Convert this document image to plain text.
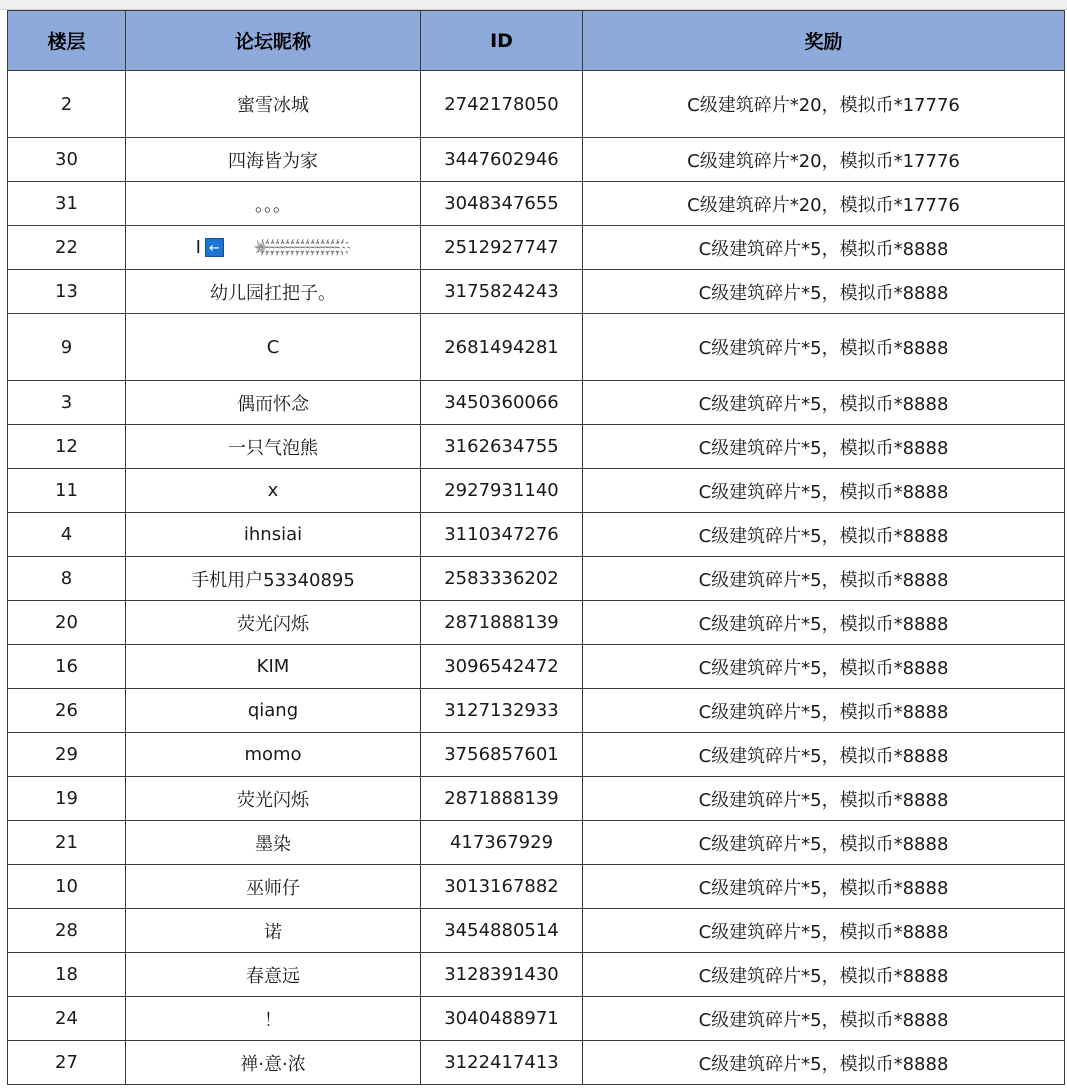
楼层	论坛昵称	ID	奖励
2	蜜雪冰城	2742178050	C级建筑碎片*20，模拟币*17776
30	四海皆为家	3447602946	C级建筑碎片*20，模拟币*17776
31	。。。	3048347655	C级建筑碎片*20，模拟币*17776
22	I ← ❁҉҉҉҉҉҉҉҉҉҉҉҉҉҉҉҉҉	2512927747	C级建筑碎片*5，模拟币*8888
13	幼儿园扛把子。	3175824243	C级建筑碎片*5，模拟币*8888
9	C	2681494281	C级建筑碎片*5，模拟币*8888
3	偶而怀念	3450360066	C级建筑碎片*5，模拟币*8888
12	一只气泡熊	3162634755	C级建筑碎片*5，模拟币*8888
11	x	2927931140	C级建筑碎片*5，模拟币*8888
4	ihnsiai	3110347276	C级建筑碎片*5，模拟币*8888
8	手机用户53340895	2583336202	C级建筑碎片*5，模拟币*8888
20	荧光闪烁	2871888139	C级建筑碎片*5，模拟币*8888
16	KIM	3096542472	C级建筑碎片*5，模拟币*8888
26	qiang	3127132933	C级建筑碎片*5，模拟币*8888
29	momo	3756857601	C级建筑碎片*5，模拟币*8888
19	荧光闪烁	2871888139	C级建筑碎片*5，模拟币*8888
21	墨染	417367929	C级建筑碎片*5，模拟币*8888
10	巫师仔	3013167882	C级建筑碎片*5，模拟币*8888
28	诺	3454880514	C级建筑碎片*5，模拟币*8888
18	春意远	3128391430	C级建筑碎片*5，模拟币*8888
24	！	3040488971	C级建筑碎片*5，模拟币*8888
27	禅·意·浓	3122417413	C级建筑碎片*5，模拟币*8888
